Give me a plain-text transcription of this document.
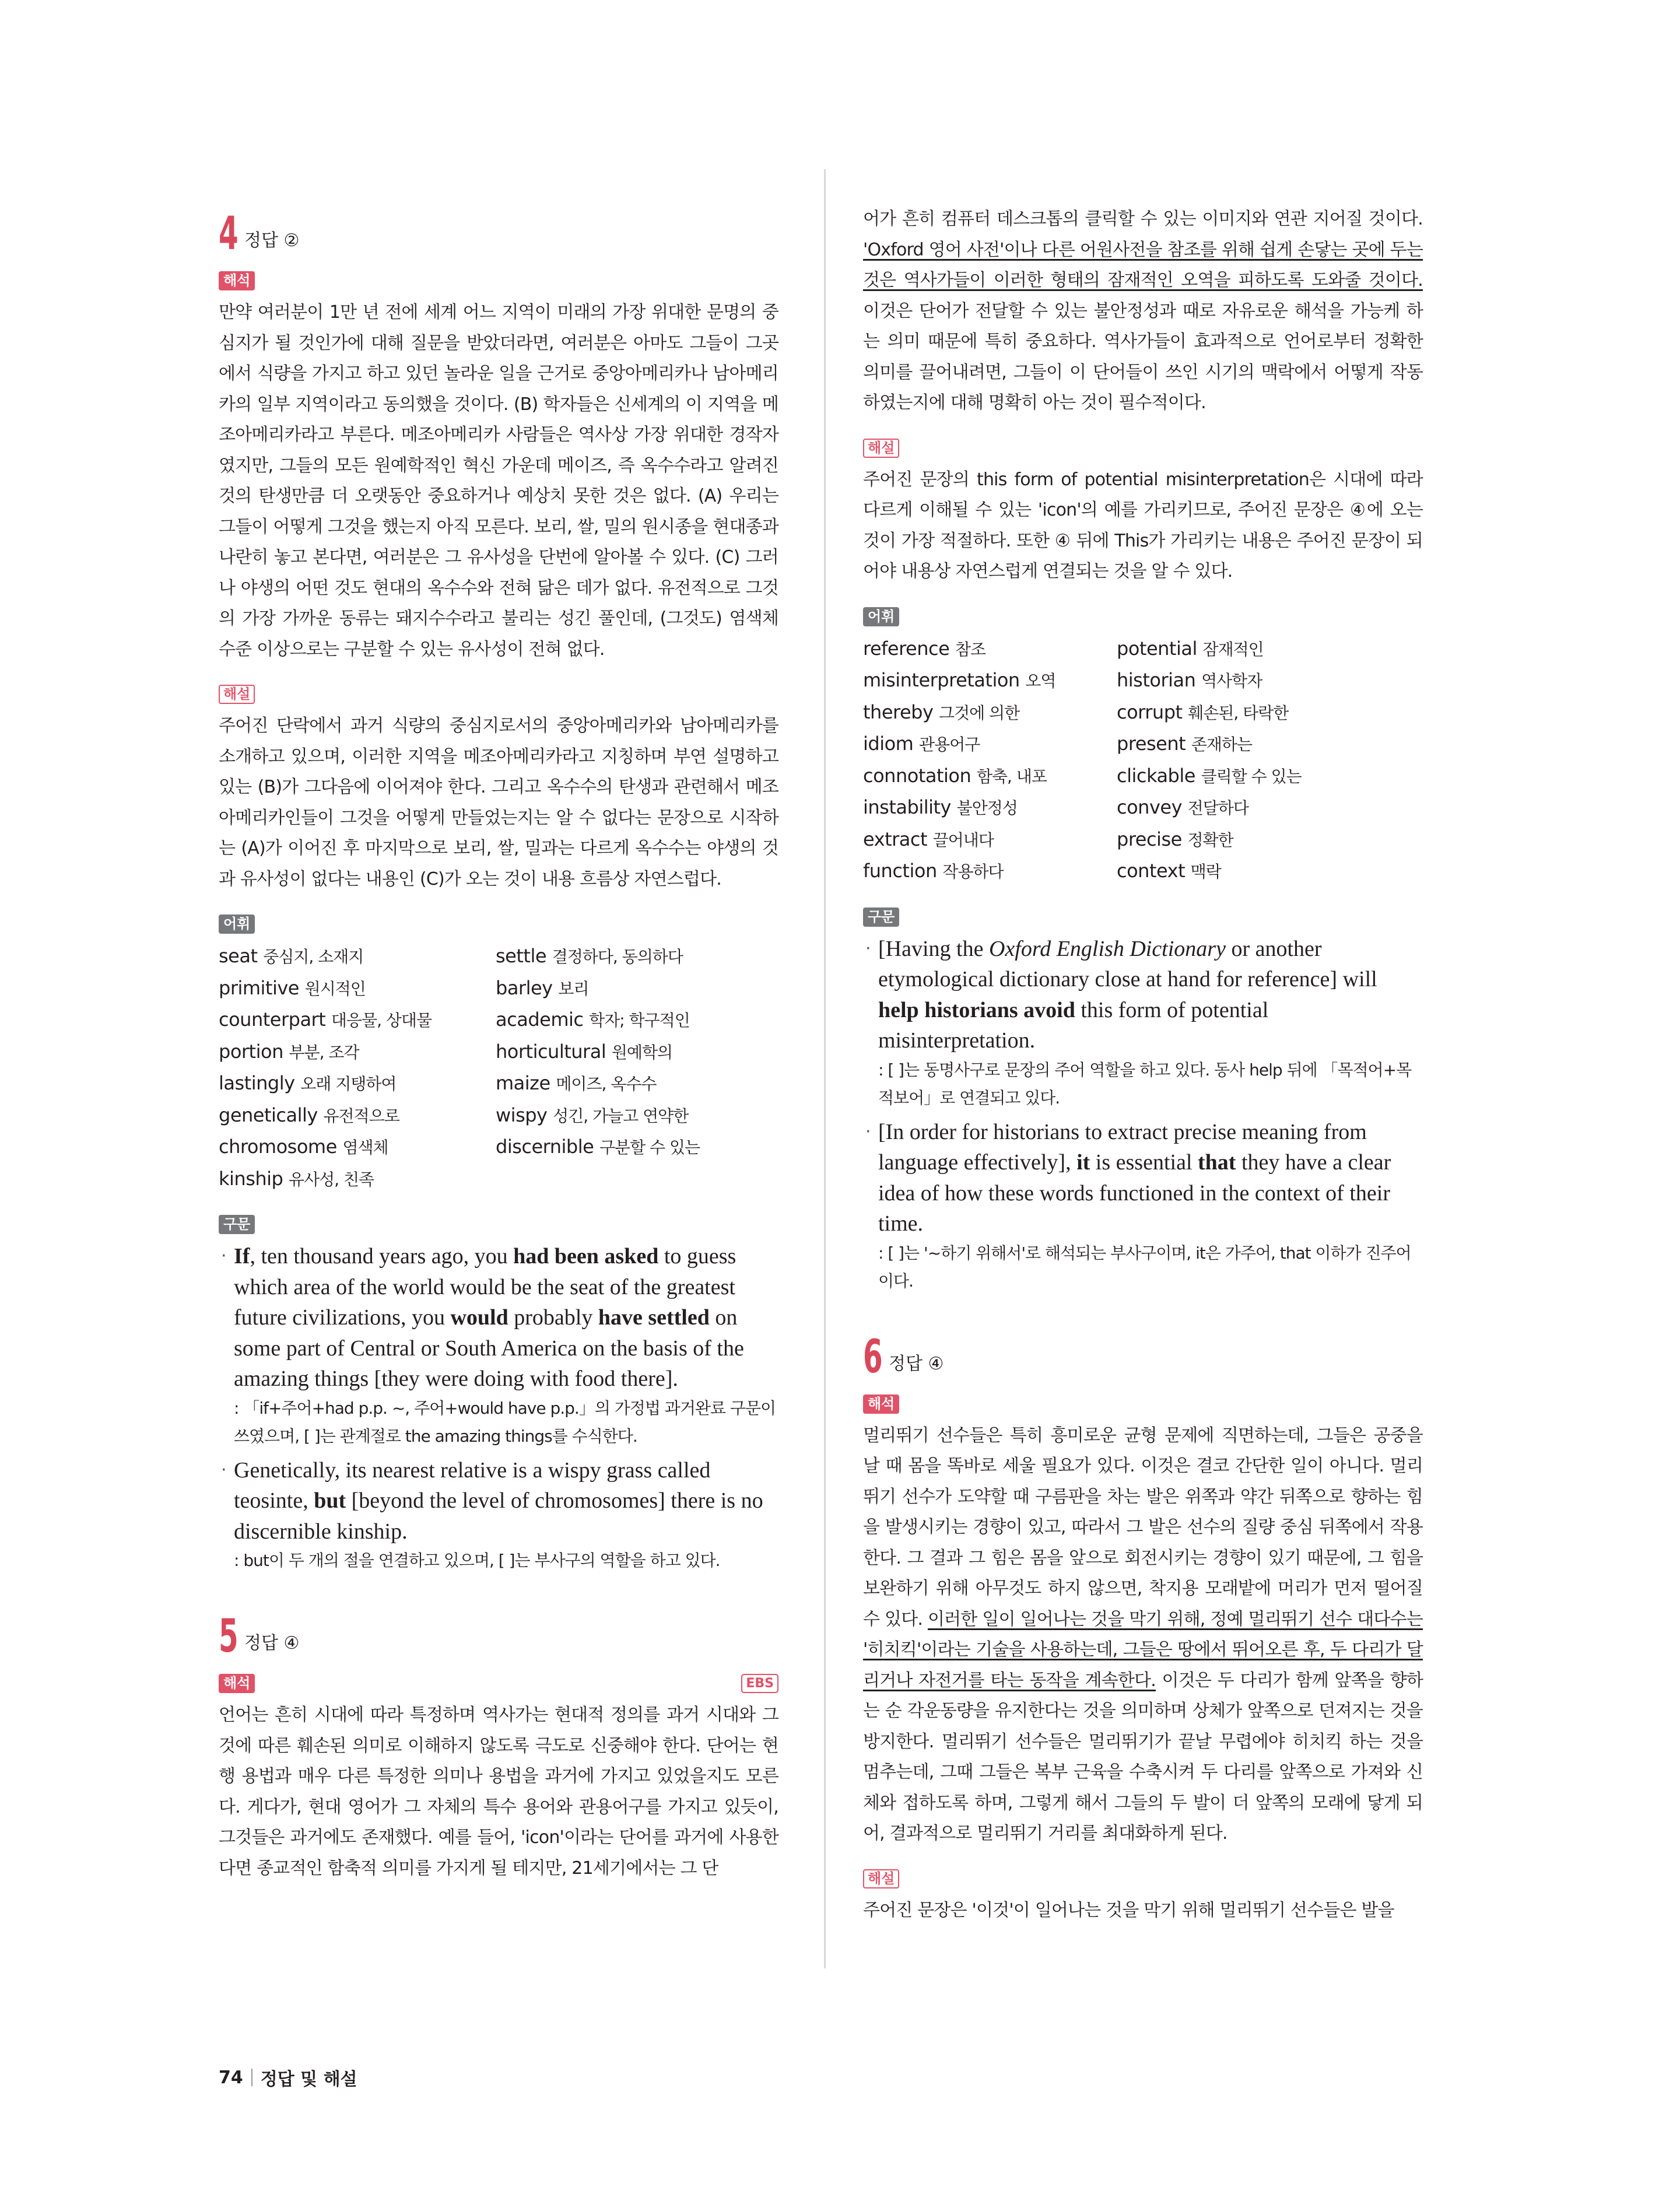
4 정답 ②
해석

만약 여러분이 1만 년 전에 세계 어느 지역이 미래의 가장 위대한 문명의 중심지가 될 것인가에 대해 질문을 받았더라면, 여러분은 아마도 그들이 그곳에서 식량을 가지고 하고 있던 놀라운 일을 근거로 중앙아메리카나 남아메리카의 일부 지역이라고 동의했을 것이다. (B) 학자들은 신세계의 이 지역을 메조아메리카라고 부른다. 메조아메리카 사람들은 역사상 가장 위대한 경작자였지만, 그들의 모든 원예학적인 혁신 가운데 메이즈, 즉 옥수수라고 알려진 것의 탄생만큼 더 오랫동안 중요하거나 예상치 못한 것은 없다. (A) 우리는 그들이 어떻게 그것을 했는지 아직 모른다. 보리, 쌀, 밀의 원시종을 현대종과 나란히 놓고 본다면, 여러분은 그 유사성을 단번에 알아볼 수 있다. (C) 그러나 야생의 어떤 것도 현대의 옥수수와 전혀 닮은 데가 없다. 유전적으로 그것의 가장 가까운 동류는 돼지수수라고 불리는 성긴 풀인데, (그것도) 염색체 수준 이상으로는 구분할 수 있는 유사성이 전혀 없다.

해설

주어진 단락에서 과거 식량의 중심지로서의 중앙아메리카와 남아메리카를 소개하고 있으며, 이러한 지역을 메조아메리카라고 지칭하며 부연 설명하고 있는 (B)가 그다음에 이어져야 한다. 그리고 옥수수의 탄생과 관련해서 메조아메리카인들이 그것을 어떻게 만들었는지는 알 수 없다는 문장으로 시작하는 (A)가 이어진 후 마지막으로 보리, 쌀, 밀과는 다르게 옥수수는 야생의 것과 유사성이 없다는 내용인 (C)가 오는 것이 내용 흐름상 자연스럽다.

어휘
seat 중심지, 소재지	settle 결정하다, 동의하다
primitive 원시적인	barley 보리
counterpart 대응물, 상대물	academic 학자; 학구적인
portion 부분, 조각	horticultural 원예학의
lastingly 오래 지탱하여	maize 메이즈, 옥수수
genetically 유전적으로	wispy 성긴, 가늘고 연약한
chromosome 염색체	discernible 구분할 수 있는
kinship 유사성, 친족
구문

· If, ten thousand years ago, you had been asked to guess which area of the world would be the seat of the greatest future civilizations, you would probably have settled on some part of Central or South America on the basis of the amazing things [they were doing with food there].

: 「if+주어+had p.p. ~, 주어+would have p.p.」의 가정법 과거완료 구문이 쓰였으며, [ ]는 관계절로 the amazing things를 수식한다.

· Genetically, its nearest relative is a wispy grass called teosinte, but [beyond the level of chromosomes] there is no discernible kinship.

: but이 두 개의 절을 연결하고 있으며, [ ]는 부사구의 역할을 하고 있다.

5 정답 ④
해석	EBS

언어는 흔히 시대에 따라 특정하며 역사가는 현대적 정의를 과거 시대와 그것에 따른 훼손된 의미로 이해하지 않도록 극도로 신중해야 한다. 단어는 현행 용법과 매우 다른 특정한 의미나 용법을 과거에 가지고 있었을지도 모른다. 게다가, 현대 영어가 그 자체의 특수 용어와 관용어구를 가지고 있듯이, 그것들은 과거에도 존재했다. 예를 들어, 'icon'이라는 단어를 과거에 사용한다면 종교적인 함축적 의미를 가지게 될 테지만, 21세기에서는 그 단

어가 흔히 컴퓨터 데스크톱의 클릭할 수 있는 이미지와 연관 지어질 것이다. 'Oxford 영어 사전'이나 다른 어원사전을 참조를 위해 쉽게 손닿는 곳에 두는 것은 역사가들이 이러한 형태의 잠재적인 오역을 피하도록 도와줄 것이다. 이것은 단어가 전달할 수 있는 불안정성과 때로 자유로운 해석을 가능케 하는 의미 때문에 특히 중요하다. 역사가들이 효과적으로 언어로부터 정확한 의미를 끌어내려면, 그들이 이 단어들이 쓰인 시기의 맥락에서 어떻게 작동하였는지에 대해 명확히 아는 것이 필수적이다.

해설

주어진 문장의 this form of potential misinterpretation은 시대에 따라 다르게 이해될 수 있는 'icon'의 예를 가리키므로, 주어진 문장은 ④에 오는 것이 가장 적절하다. 또한 ④ 뒤에 This가 가리키는 내용은 주어진 문장이 되어야 내용상 자연스럽게 연결되는 것을 알 수 있다.

어휘
reference 참조	potential 잠재적인
misinterpretation 오역	historian 역사학자
thereby 그것에 의한	corrupt 훼손된, 타락한
idiom 관용어구	present 존재하는
connotation 함축, 내포	clickable 클릭할 수 있는
instability 불안정성	convey 전달하다
extract 끌어내다	precise 정확한
function 작용하다	context 맥락
구문

· [Having the Oxford English Dictionary or another etymological dictionary close at hand for reference] will help historians avoid this form of potential misinterpretation.

: [ ]는 동명사구로 문장의 주어 역할을 하고 있다. 동사 help 뒤에 「목적어+목적보어」로 연결되고 있다.

· [In order for historians to extract precise meaning from language effectively], it is essential that they have a clear idea of how these words functioned in the context of their time.

: [ ]는 '~하기 위해서'로 해석되는 부사구이며, it은 가주어, that 이하가 진주어이다.

6 정답 ④
해석

멀리뛰기 선수들은 특히 흥미로운 균형 문제에 직면하는데, 그들은 공중을 날 때 몸을 똑바로 세울 필요가 있다. 이것은 결코 간단한 일이 아니다. 멀리뛰기 선수가 도약할 때 구름판을 차는 발은 위쪽과 약간 뒤쪽으로 향하는 힘을 발생시키는 경향이 있고, 따라서 그 발은 선수의 질량 중심 뒤쪽에서 작용한다. 그 결과 그 힘은 몸을 앞으로 회전시키는 경향이 있기 때문에, 그 힘을 보완하기 위해 아무것도 하지 않으면, 착지용 모래밭에 머리가 먼저 떨어질 수 있다. 이러한 일이 일어나는 것을 막기 위해, 정예 멀리뛰기 선수 대다수는 '히치킥'이라는 기술을 사용하는데, 그들은 땅에서 뛰어오른 후, 두 다리가 달리거나 자전거를 타는 동작을 계속한다. 이것은 두 다리가 함께 앞쪽을 향하는 순 각운동량을 유지한다는 것을 의미하며 상체가 앞쪽으로 던져지는 것을 방지한다. 멀리뛰기 선수들은 멀리뛰기가 끝날 무렵에야 히치킥 하는 것을 멈추는데, 그때 그들은 복부 근육을 수축시켜 두 다리를 앞쪽으로 가져와 신체와 접하도록 하며, 그렇게 해서 그들의 두 발이 더 앞쪽의 모래에 닿게 되어, 결과적으로 멀리뛰기 거리를 최대화하게 된다.

해설

주어진 문장은 '이것'이 일어나는 것을 막기 위해 멀리뛰기 선수들은 발을

74 정답 및 해설
